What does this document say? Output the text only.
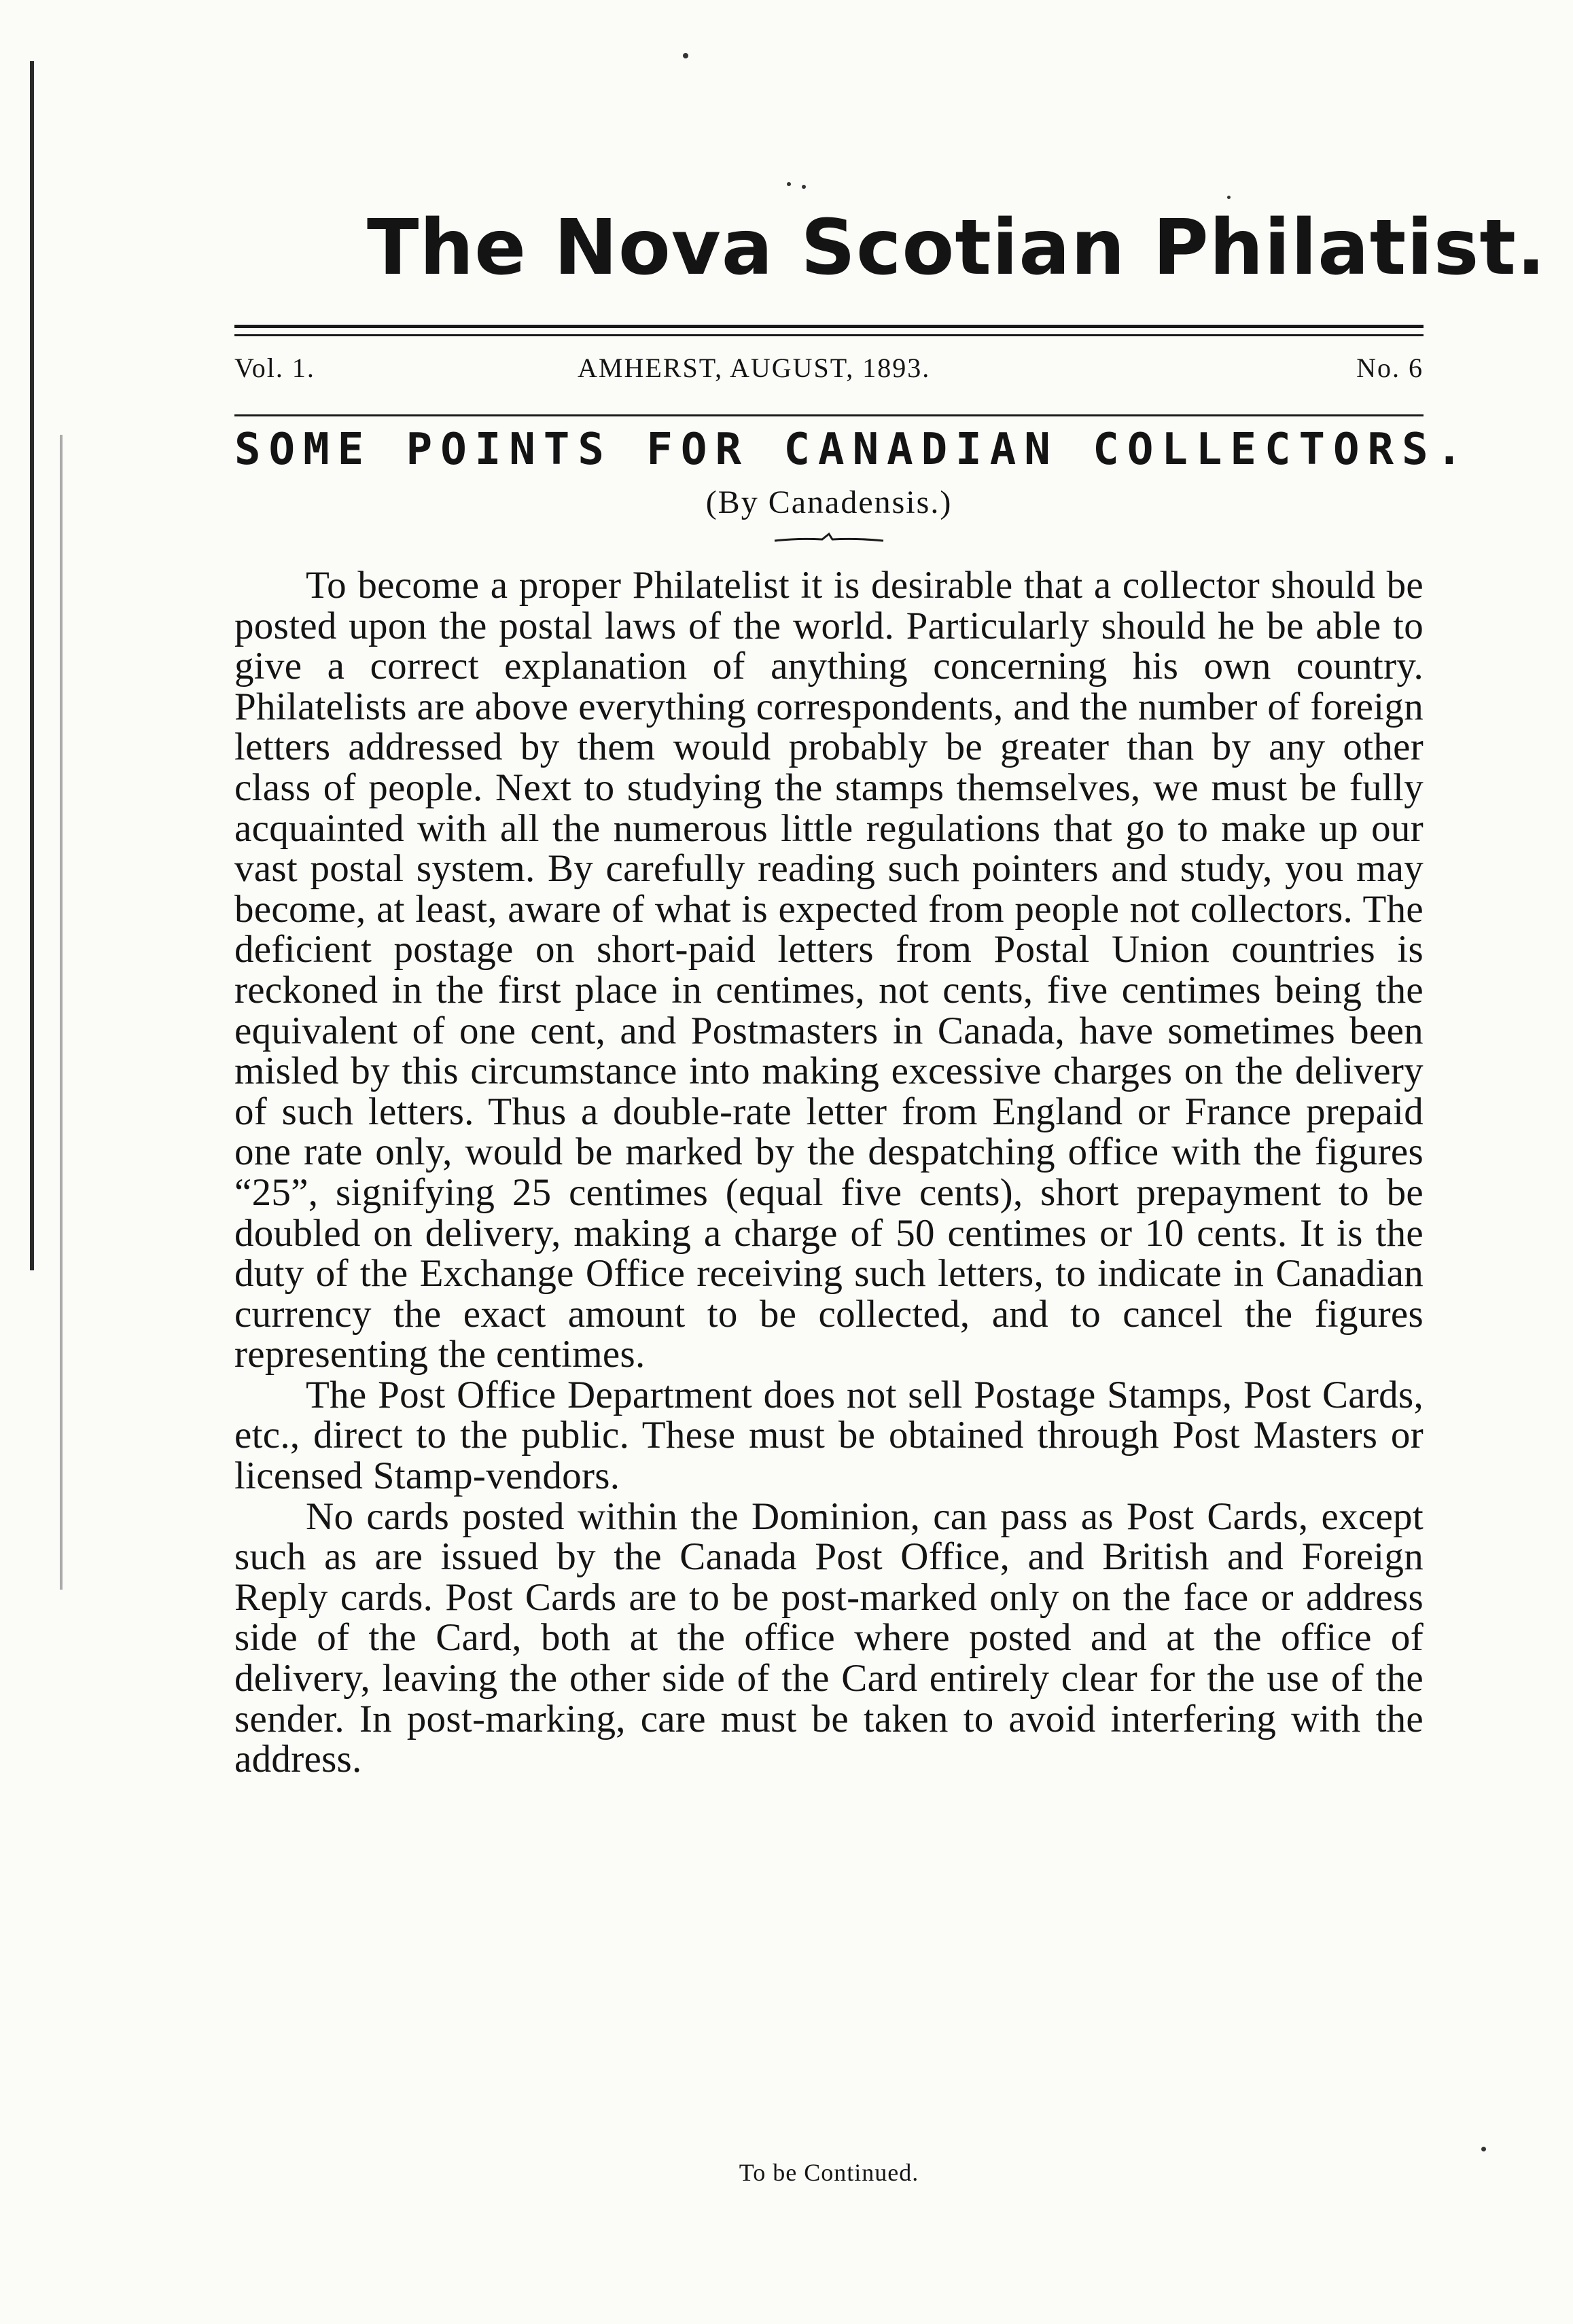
The Nova Scotian Philatist.
Vol. 1.	AMHERST, AUGUST, 1893.	No. 6
SOME POINTS FOR CANADIAN COLLECTORS.
(By Canadensis.)

To become a proper Philatelist it is desirable that a collector should be posted upon the postal laws of the world. Particularly should he be able to give a correct explanation of anything concerning his own country. Philatelists are above everything correspondents, and the number of foreign letters addressed by them would probably be greater than by any other class of people. Next to studying the stamps themselves, we must be fully acquainted with all the numerous little regulations that go to make up our vast postal system. By carefully reading such pointers and study, you may become, at least, aware of what is expected from people not collectors. The deficient postage on short-paid letters from Postal Union countries is reckoned in the first place in centimes, not cents, five centimes being the equivalent of one cent, and Postmasters in Canada, have sometimes been misled by this circumstance into making excessive charges on the delivery of such letters. Thus a double-rate letter from England or France prepaid one rate only, would be marked by the despatching office with the figures “25”, signifying 25 centimes (equal five cents), short prepayment to be doubled on delivery, making a charge of 50 centimes or 10 cents. It is the duty of the Exchange Office receiving such letters, to indicate in Canadian currency the exact amount to be collected, and to cancel the figures representing the centimes.

The Post Office Department does not sell Postage Stamps, Post Cards, etc., direct to the public. These must be obtained through Post Masters or licensed Stamp-vendors.

No cards posted within the Dominion, can pass as Post Cards, except such as are issued by the Canada Post Office, and British and Foreign Reply cards. Post Cards are to be post-marked only on the face or address side of the Card, both at the office where posted and at the office of delivery, leaving the other side of the Card entirely clear for the use of the sender. In post-marking, care must be taken to avoid interfering with the address.

To be Continued.
